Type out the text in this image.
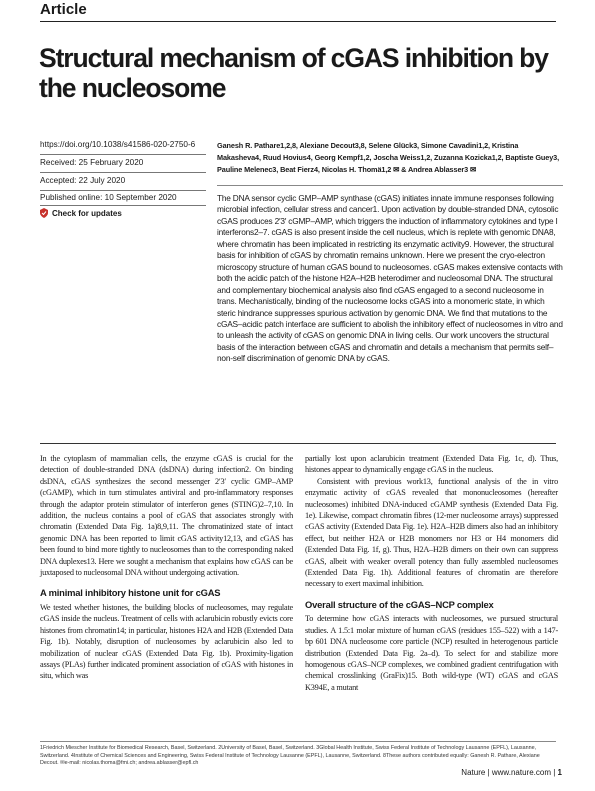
Article
Structural mechanism of cGAS inhibition by the nucleosome
https://doi.org/10.1038/s41586-020-2750-6
Received: 25 February 2020
Accepted: 22 July 2020
Published online: 10 September 2020
Check for updates
Ganesh R. Pathare1,2,8, Alexiane Decout3,8, Selene Glück3, Simone Cavadini1,2, Kristina Makasheva4, Ruud Hovius4, Georg Kempf1,2, Joscha Weiss1,2, Zuzanna Kozicka1,2, Baptiste Guey3, Pauline Melenec3, Beat Fierz4, Nicolas H. Thomä1,2 ✉ & Andrea Ablasser3 ✉

The DNA sensor cyclic GMP–AMP synthase (cGAS) initiates innate immune responses following microbial infection, cellular stress and cancer1. Upon activation by double-stranded DNA, cytosolic cGAS produces 2′3′ cGMP–AMP, which triggers the induction of inflammatory cytokines and type I interferons2–7. cGAS is also present inside the cell nucleus, which is replete with genomic DNA8, where chromatin has been implicated in restricting its enzymatic activity9. However, the structural basis for inhibition of cGAS by chromatin remains unknown. Here we present the cryo-electron microscopy structure of human cGAS bound to nucleosomes. cGAS makes extensive contacts with both the acidic patch of the histone H2A–H2B heterodimer and nucleosomal DNA. The structural and complementary biochemical analysis also find cGAS engaged to a second nucleosome in trans. Mechanistically, binding of the nucleosome locks cGAS into a monomeric state, in which steric hindrance suppresses spurious activation by genomic DNA. We find that mutations to the cGAS–acidic patch interface are sufficient to abolish the inhibitory effect of nucleosomes in vitro and to unleash the activity of cGAS on genomic DNA in living cells. Our work uncovers the structural basis of the interaction between cGAS and chromatin and details a mechanism that permits self–non-self discrimination of genomic DNA by cGAS.

In the cytoplasm of mammalian cells, the enzyme cGAS is crucial for the detection of double-stranded DNA (dsDNA) during infection2. On binding dsDNA, cGAS synthesizes the second messenger 2′3′ cyclic GMP–AMP (cGAMP), which in turn stimulates antiviral and pro-inflammatory responses through the adaptor protein stimulator of interferon genes (STING)2–7,10. In addition, the nucleus contains a pool of cGAS that associates strongly with chromatin (Extended Data Fig. 1a)8,9,11. The chromatinized state of intact genomic DNA has been reported to limit cGAS activity12,13, and cGAS has been found to bind more tightly to nucleosomes than to the corresponding naked DNA duplexes13. Here we sought a mechanism that explains how cGAS can be juxtaposed to nucleosomal DNA without undergoing activation.

A minimal inhibitory histone unit for cGAS

We tested whether histones, the building blocks of nucleosomes, may regulate cGAS inside the nucleus. Treatment of cells with aclarubicin robustly evicts core histones from chromatin14; in particular, histones H2A and H2B (Extended Data Fig. 1b). Notably, disruption of nucleosomes by aclarubicin also led to mobilization of nuclear cGAS (Extended Data Fig. 1b). Proximity-ligation assays (PLAs) further indicated prominent association of cGAS with histones in situ, which was

partially lost upon aclarubicin treatment (Extended Data Fig. 1c, d). Thus, histones appear to dynamically engage cGAS in the nucleus.

Consistent with previous work13, functional analysis of the in vitro enzymatic activity of cGAS revealed that mononucleosomes (hereafter nucleosomes) inhibited DNA-induced cGAMP synthesis (Extended Data Fig. 1e). Likewise, compact chromatin fibres (12-mer nucleosome arrays) suppressed cGAS activity (Extended Data Fig. 1e). H2A–H2B dimers also had an inhibitory effect, but neither H2A or H2B monomers nor H3 or H4 monomers did (Extended Data Fig. 1f, g). Thus, H2A–H2B dimers on their own can suppress cGAS, albeit with weaker overall potency than fully assembled nucleosomes (Extended Data Fig. 1h). Additional features of chromatin are therefore necessary to exert maximal inhibition.

Overall structure of the cGAS–NCP complex

To determine how cGAS interacts with nucleosomes, we pursued structural studies. A 1.5:1 molar mixture of human cGAS (residues 155–522) with a 147-bp 601 DNA nucleosome core particle (NCP) resulted in heterogenous particle distribution (Extended Data Fig. 2a–d). To select for and stabilize more homogenous cGAS–NCP complexes, we combined gradient centrifugation with chemical crosslinking (GraFix)15. Both wild-type (WT) cGAS and cGAS K394E, a mutant

1Friedrich Miescher Institute for Biomedical Research, Basel, Switzerland. 2University of Basel, Basel, Switzerland. 3Global Health Institute, Swiss Federal Institute of Technology Lausanne (EPFL), Lausanne, Switzerland. 4Institute of Chemical Sciences and Engineering, Swiss Federal Institute of Technology Lausanne (EPFL), Lausanne, Switzerland. 8These authors contributed equally: Ganesh R. Pathare, Alexiane Decout. ✉e-mail: nicolas.thoma@fmi.ch; andrea.ablasser@epfl.ch

Nature | www.nature.com | 1
